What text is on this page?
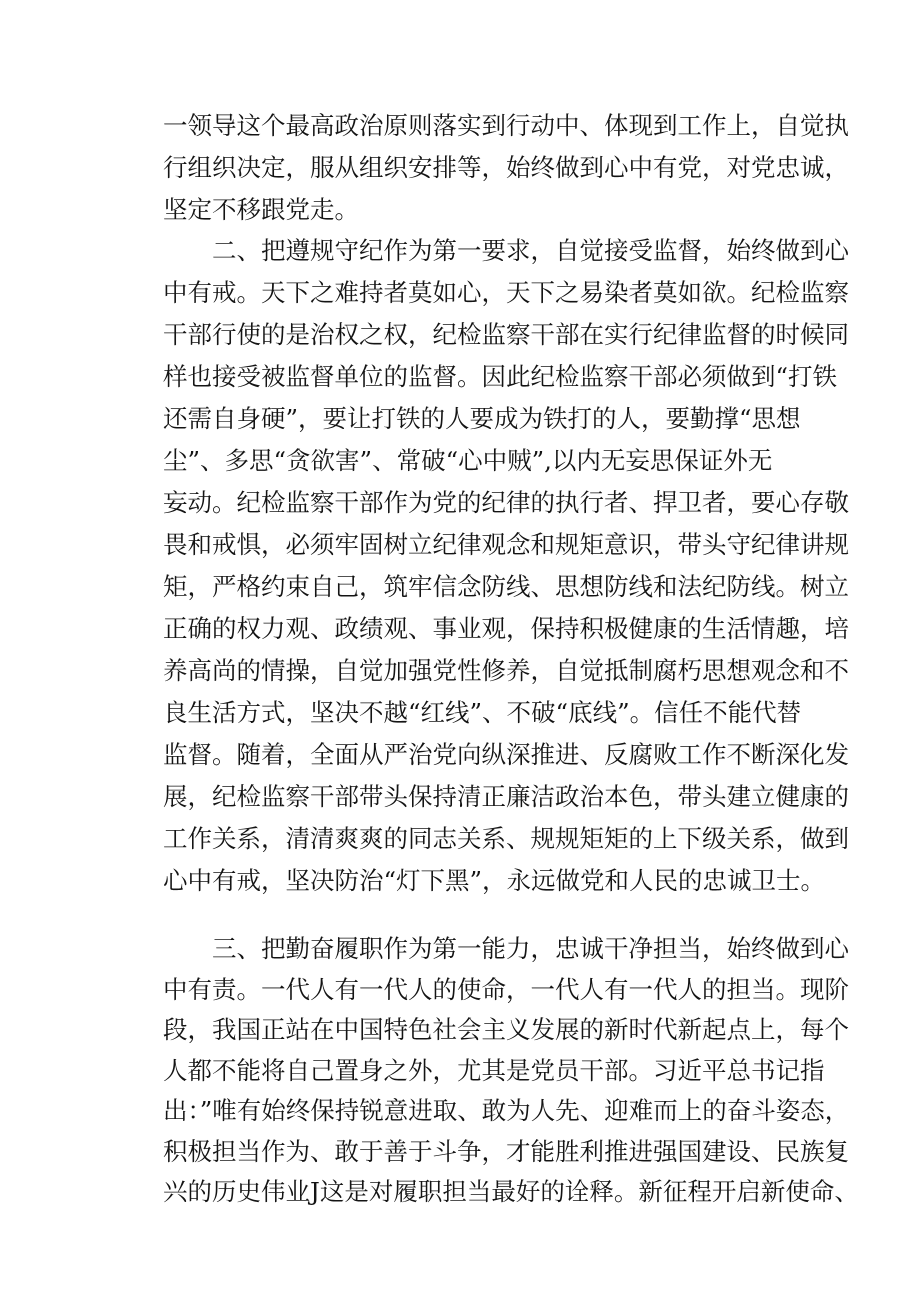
一领导这个最高政治原则落实到行动中、体现到工作上，自觉执
行组织决定，服从组织安排等，始终做到心中有党，对党忠诚，
坚定不移跟党走。
二、把遵规守纪作为第一要求，自觉接受监督，始终做到心
中有戒。天下之难持者莫如心，天下之易染者莫如欲。纪检监察
干部行使的是治权之权，纪检监察干部在实行纪律监督的时候同
样也接受被监督单位的监督。因此纪检监察干部必须做到“打铁
还需自身硬”，要让打铁的人要成为铁打的人，要勤撑“思想
尘”、多思“贪欲害”、常破“心中贼”,以内无妄思保证外无
妄动。纪检监察干部作为党的纪律的执行者、捍卫者，要心存敬
畏和戒惧，必须牢固树立纪律观念和规矩意识，带头守纪律讲规
矩，严格约束自己，筑牢信念防线、思想防线和法纪防线。树立
正确的权力观、政绩观、事业观，保持积极健康的生活情趣，培
养高尚的情操，自觉加强党性修养，自觉抵制腐朽思想观念和不
良生活方式，坚决不越“红线”、不破“底线”。信任不能代替
监督。随着，全面从严治党向纵深推进、反腐败工作不断深化发
展，纪检监察干部带头保持清正廉洁政治本色，带头建立健康的
工作关系，清清爽爽的同志关系、规规矩矩的上下级关系，做到
心中有戒，坚决防治“灯下黑”，永远做党和人民的忠诚卫士。
三、把勤奋履职作为第一能力，忠诚干净担当，始终做到心
中有责。一代人有一代人的使命，一代人有一代人的担当。现阶
段，我国正站在中国特色社会主义发展的新时代新起点上，每个
人都不能将自己置身之外，尤其是党员干部。习近平总书记指
出：”唯有始终保持锐意进取、敢为人先、迎难而上的奋斗姿态，
积极担当作为、敢于善于斗争，才能胜利推进强国建设、民族复
兴的历史伟业J这是对履职担当最好的诠释。新征程开启新使命、
